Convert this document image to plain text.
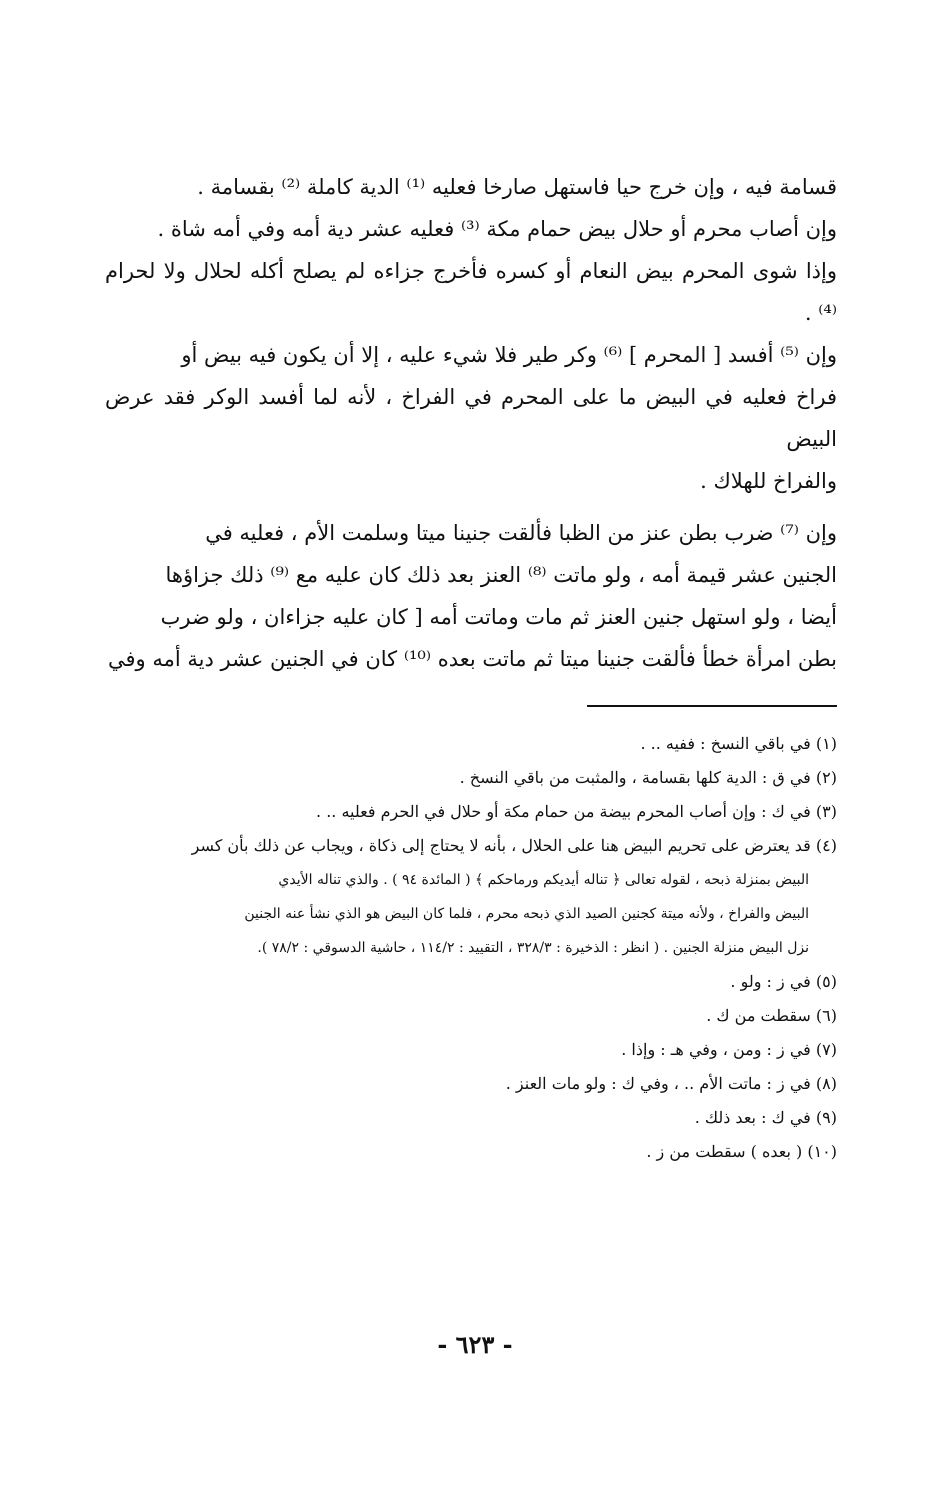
قسامة فيه ، وإن خرج حيا فاستهل صارخا فعليه ⁽¹⁾ الدية كاملة ⁽²⁾ بقسامة .

وإن أصاب محرم أو حلال بيض حمام مكة ⁽³⁾ فعليه عشر دية أمه وفي أمه شاة .

وإذا شوى المحرم بيض النعام أو كسره فأخرج جزاءه لم يصلح أكله لحلال ولا لحرام ⁽⁴⁾ .

وإن ⁽⁵⁾ أفسد [ المحرم ] ⁽⁶⁾ وكر طير فلا شيء عليه ، إلا أن يكون فيه بيض أو

فراخ فعليه في البيض ما على المحرم في الفراخ ، لأنه لما أفسد الوكر فقد عرض البيض

والفراخ للهلاك .

وإن ⁽⁷⁾ ضرب بطن عنز من الظبا فألقت جنينا ميتا وسلمت الأم ، فعليه في

الجنين عشر قيمة أمه ، ولو ماتت ⁽⁸⁾ العنز بعد ذلك كان عليه مع ⁽⁹⁾ ذلك جزاؤها

أيضا ، ولو استهل جنين العنز ثم مات وماتت أمه [ كان عليه جزاءان ، ولو ضرب

بطن امرأة خطأ فألقت جنينا ميتا ثم ماتت بعده ⁽¹⁰⁾ كان في الجنين عشر دية أمه وفي

(١) في باقي النسخ : ففيه .. .
(٢) في ق : الدية كلها بقسامة ، والمثبت من باقي النسخ .
(٣) في ك : وإن أصاب المحرم بيضة من حمام مكة أو حلال في الحرم فعليه .. .
(٤) قد يعترض على تحريم البيض هنا على الحلال ، بأنه لا يحتاج إلى ذكاة ، ويجاب عن ذلك بأن كسر
البيض بمنزلة ذبحه ، لقوله تعالى ﴿ تناله أيديكم ورماحكم ﴾ ( المائدة ٩٤ ) . والذي تناله الأيدي
البيض والفراخ ، ولأنه ميتة كجنين الصيد الذي ذبحه محرم ، فلما كان البيض هو الذي نشأ عنه الجنين
نزل البيض منزلة الجنين . ( انظر : الذخيرة : ٣٢٨/٣ ، التقييد : ١١٤/٢ ، حاشية الدسوقي : ٧٨/٢ ).
(٥) في ز : ولو .
(٦) سقطت من ك .
(٧) في ز : ومن ، وفي هـ : وإذا .
(٨) في ز : ماتت الأم .. ، وفي ك : ولو مات العنز .
(٩) في ك : بعد ذلك .
(١٠) ( بعده ) سقطت من ز .
- ٦٢٣ -
